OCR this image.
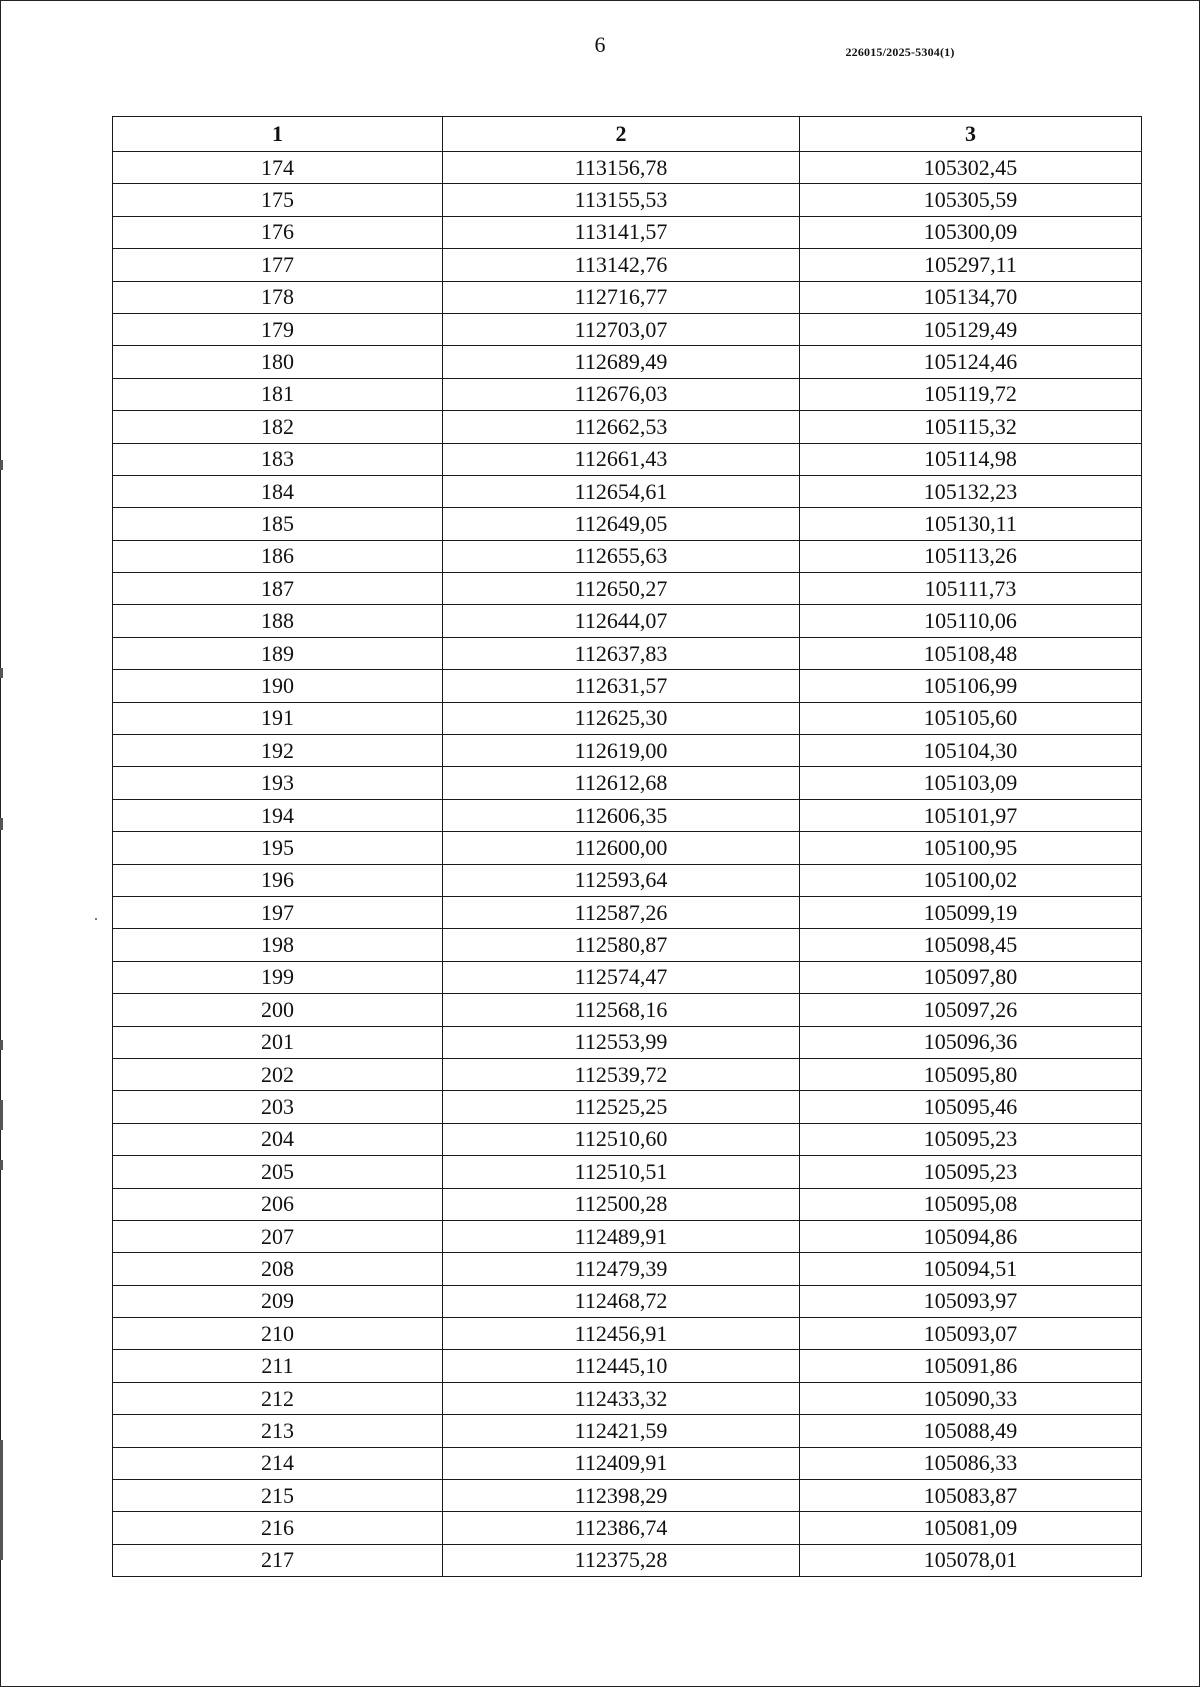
6	226015/2025-5304(1)
1	2	3
174	113156,78	105302,45
175	113155,53	105305,59
176	113141,57	105300,09
177	113142,76	105297,11
178	112716,77	105134,70
179	112703,07	105129,49
180	112689,49	105124,46
181	112676,03	105119,72
182	112662,53	105115,32
183	112661,43	105114,98
184	112654,61	105132,23
185	112649,05	105130,11
186	112655,63	105113,26
187	112650,27	105111,73
188	112644,07	105110,06
189	112637,83	105108,48
190	112631,57	105106,99
191	112625,30	105105,60
192	112619,00	105104,30
193	112612,68	105103,09
194	112606,35	105101,97
195	112600,00	105100,95
196	112593,64	105100,02
197	112587,26	105099,19
198	112580,87	105098,45
199	112574,47	105097,80
200	112568,16	105097,26
201	112553,99	105096,36
202	112539,72	105095,80
203	112525,25	105095,46
204	112510,60	105095,23
205	112510,51	105095,23
206	112500,28	105095,08
207	112489,91	105094,86
208	112479,39	105094,51
209	112468,72	105093,97
210	112456,91	105093,07
211	112445,10	105091,86
212	112433,32	105090,33
213	112421,59	105088,49
214	112409,91	105086,33
215	112398,29	105083,87
216	112386,74	105081,09
217	112375,28	105078,01
